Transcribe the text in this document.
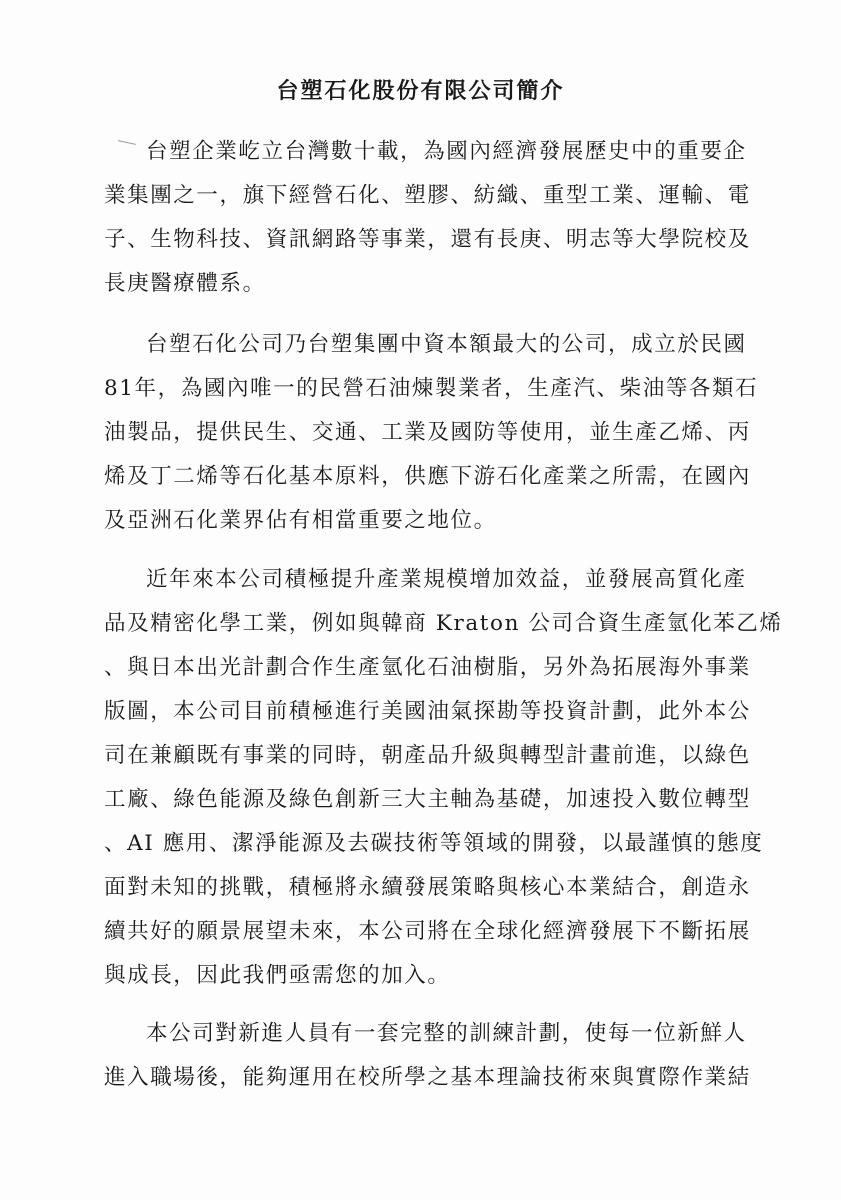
台塑石化股份有限公司簡介
台塑企業屹立台灣數十載，為國內經濟發展歷史中的重要企
業集團之一，旗下經營石化、塑膠、紡織、重型工業、運輸、電
子、生物科技、資訊網路等事業，還有長庚、明志等大學院校及
長庚醫療體系。
台塑石化公司乃台塑集團中資本額最大的公司，成立於民國
81年，為國內唯一的民營石油煉製業者，生產汽、柴油等各類石
油製品，提供民生、交通、工業及國防等使用，並生產乙烯、丙
烯及丁二烯等石化基本原料，供應下游石化產業之所需，在國內
及亞洲石化業界佔有相當重要之地位。
近年來本公司積極提升產業規模增加效益，並發展高質化產
品及精密化學工業，例如與韓商 Kraton 公司合資生產氫化苯乙烯
、與日本出光計劃合作生產氫化石油樹脂，另外為拓展海外事業
版圖，本公司目前積極進行美國油氣探勘等投資計劃，此外本公
司在兼顧既有事業的同時，朝產品升級與轉型計畫前進，以綠色
工廠、綠色能源及綠色創新三大主軸為基礎，加速投入數位轉型
、AI 應用、潔淨能源及去碳技術等領域的開發，以最謹慎的態度
面對未知的挑戰，積極將永續發展策略與核心本業結合，創造永
續共好的願景展望未來，本公司將在全球化經濟發展下不斷拓展
與成長，因此我們亟需您的加入。
本公司對新進人員有一套完整的訓練計劃，使每一位新鮮人
進入職場後，能夠運用在校所學之基本理論技術來與實際作業結
